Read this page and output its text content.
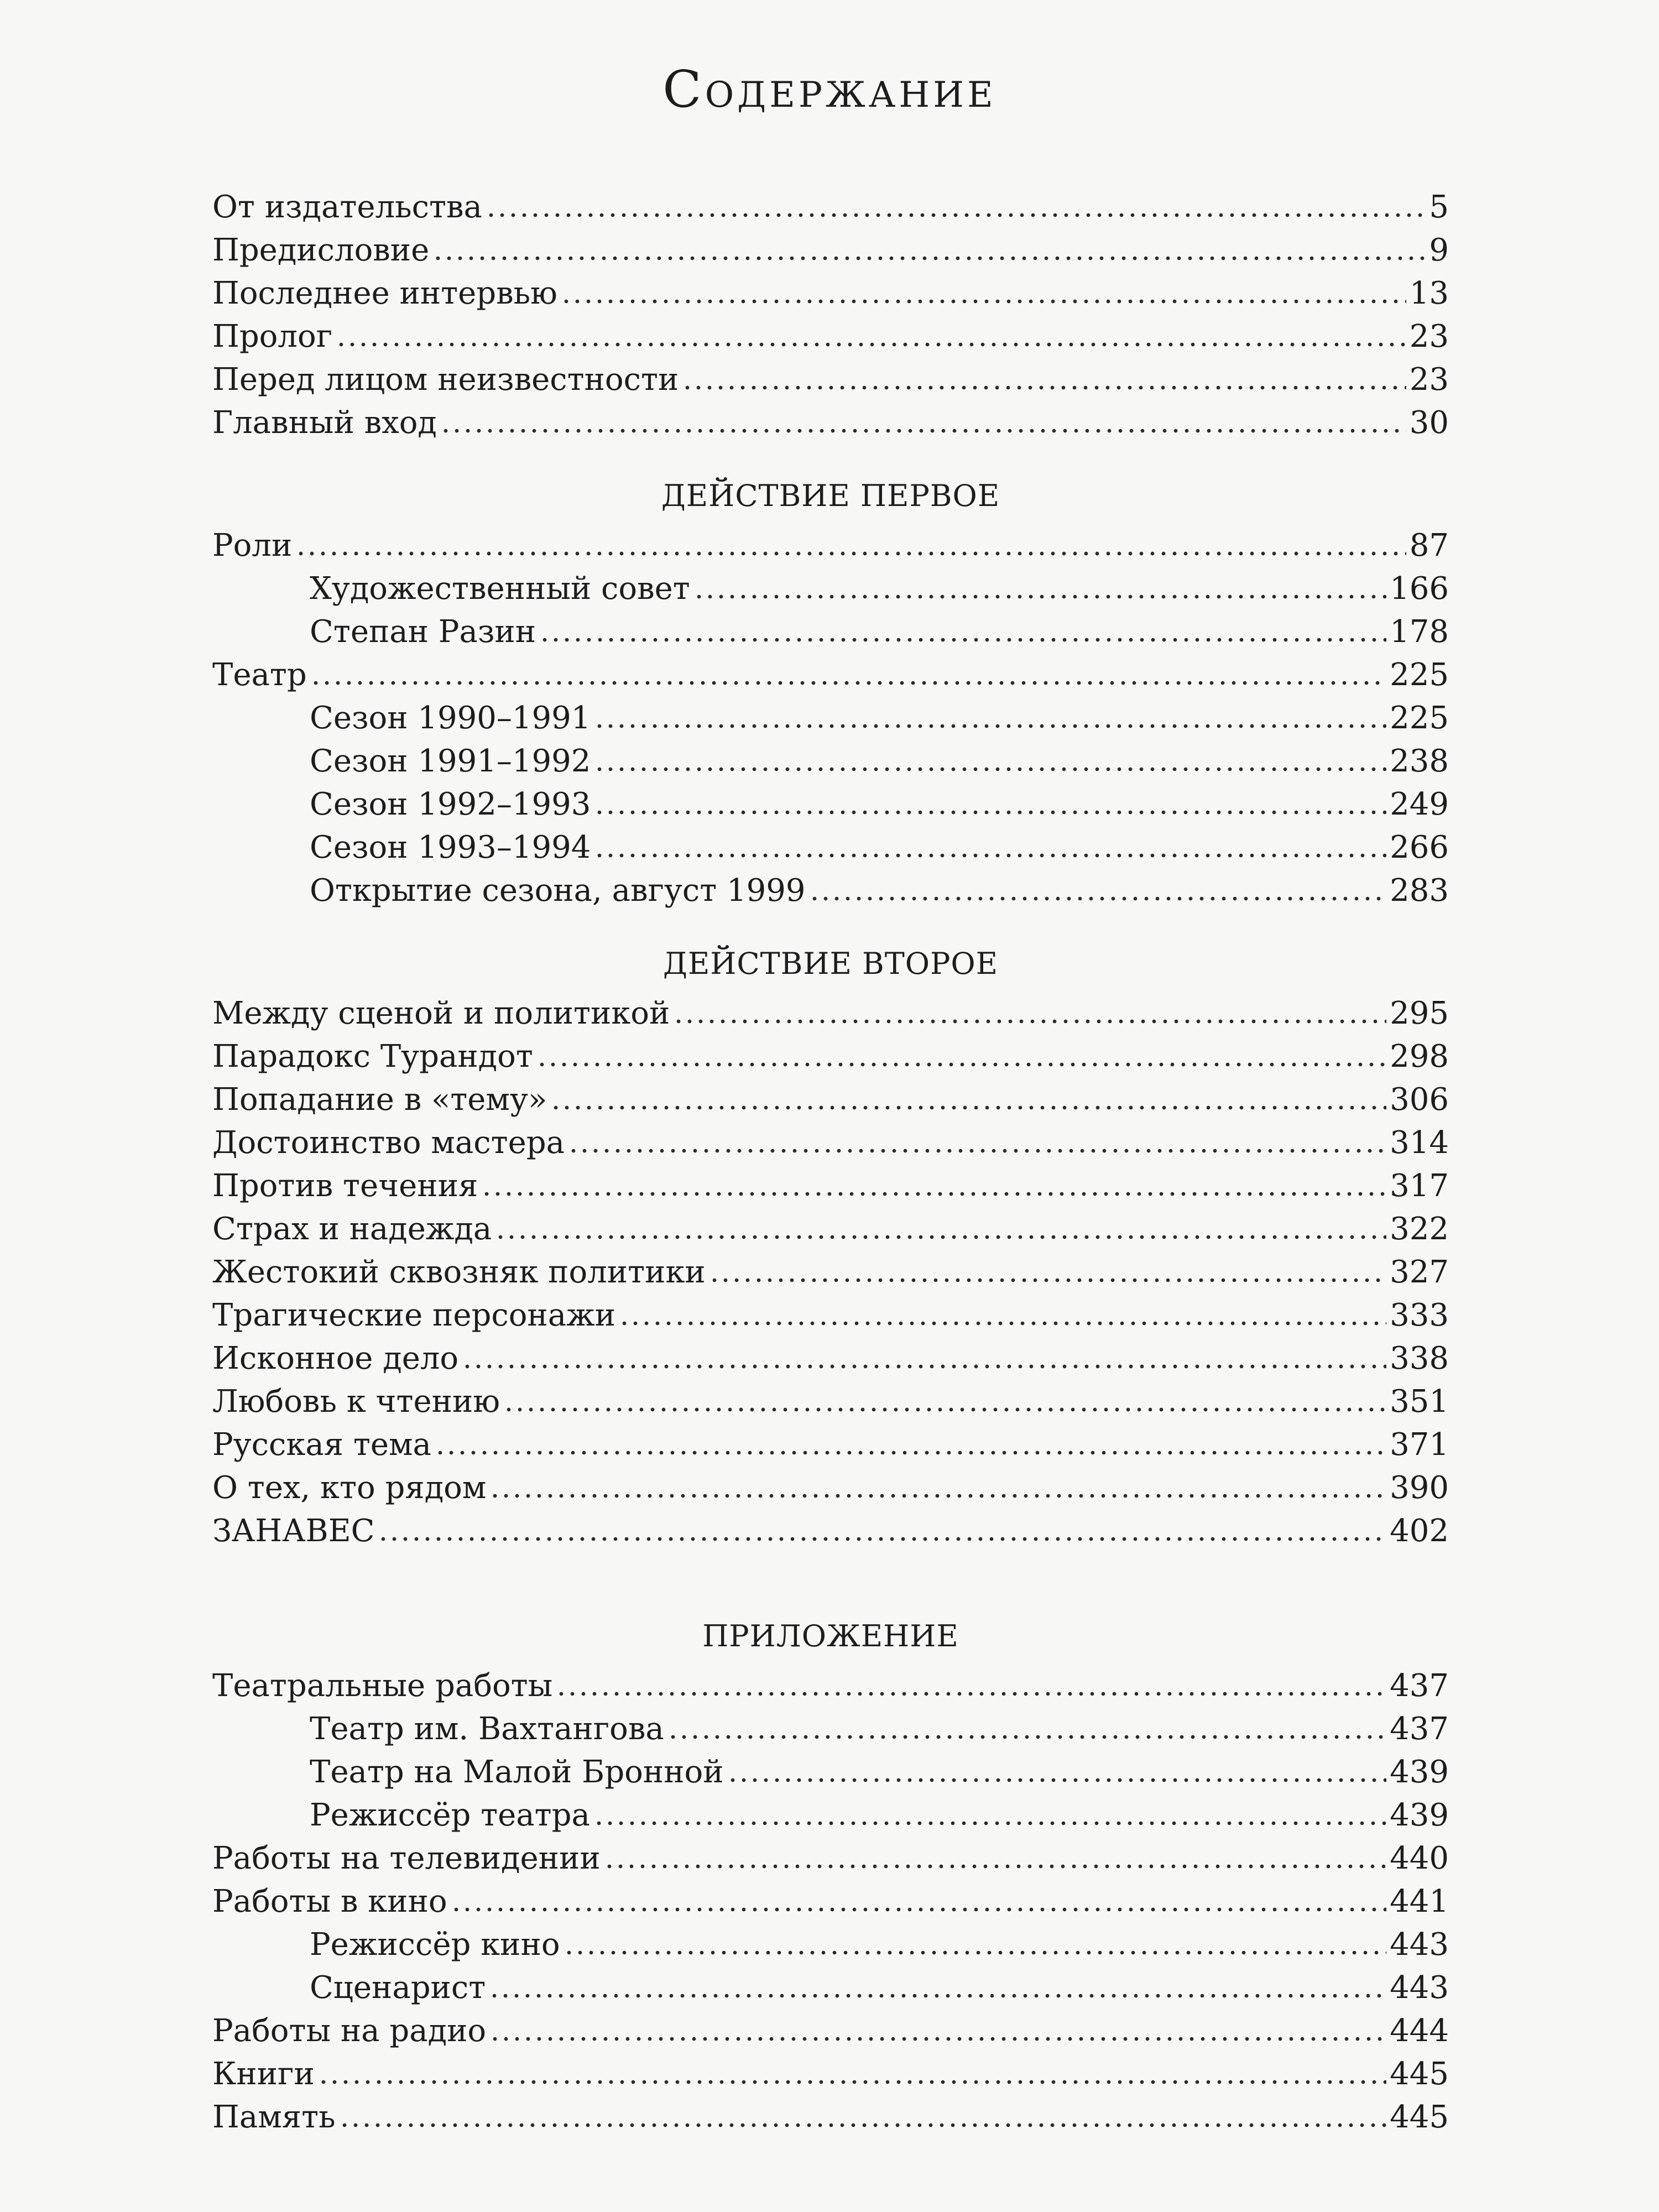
Содержание
От издательства	5
Предисловие	9
Последнее интервью	13
Пролог	23
Перед лицом неизвестности	23
Главный вход	30
ДЕЙСТВИЕ ПЕРВОЕ
Роли	87
Художественный совет	166
Степан Разин	178
Театр	225
Сезон 1990–1991	225
Сезон 1991–1992	238
Сезон 1992–1993	249
Сезон 1993–1994	266
Открытие сезона, август 1999	283
ДЕЙСТВИЕ ВТОРОЕ
Между сценой и политикой	295
Парадокс Турандот	298
Попадание в «тему»	306
Достоинство мастера	314
Против течения	317
Страх и надежда	322
Жестокий сквозняк политики	327
Трагические персонажи	333
Исконное дело	338
Любовь к чтению	351
Русская тема	371
О тех, кто рядом	390
ЗАНАВЕС	402
ПРИЛОЖЕНИЕ
Театральные работы	437
Театр им. Вахтангова	437
Театр на Малой Бронной	439
Режиссёр театра	439
Работы на телевидении	440
Работы в кино	441
Режиссёр кино	443
Сценарист	443
Работы на радио	444
Книги	445
Память	445
